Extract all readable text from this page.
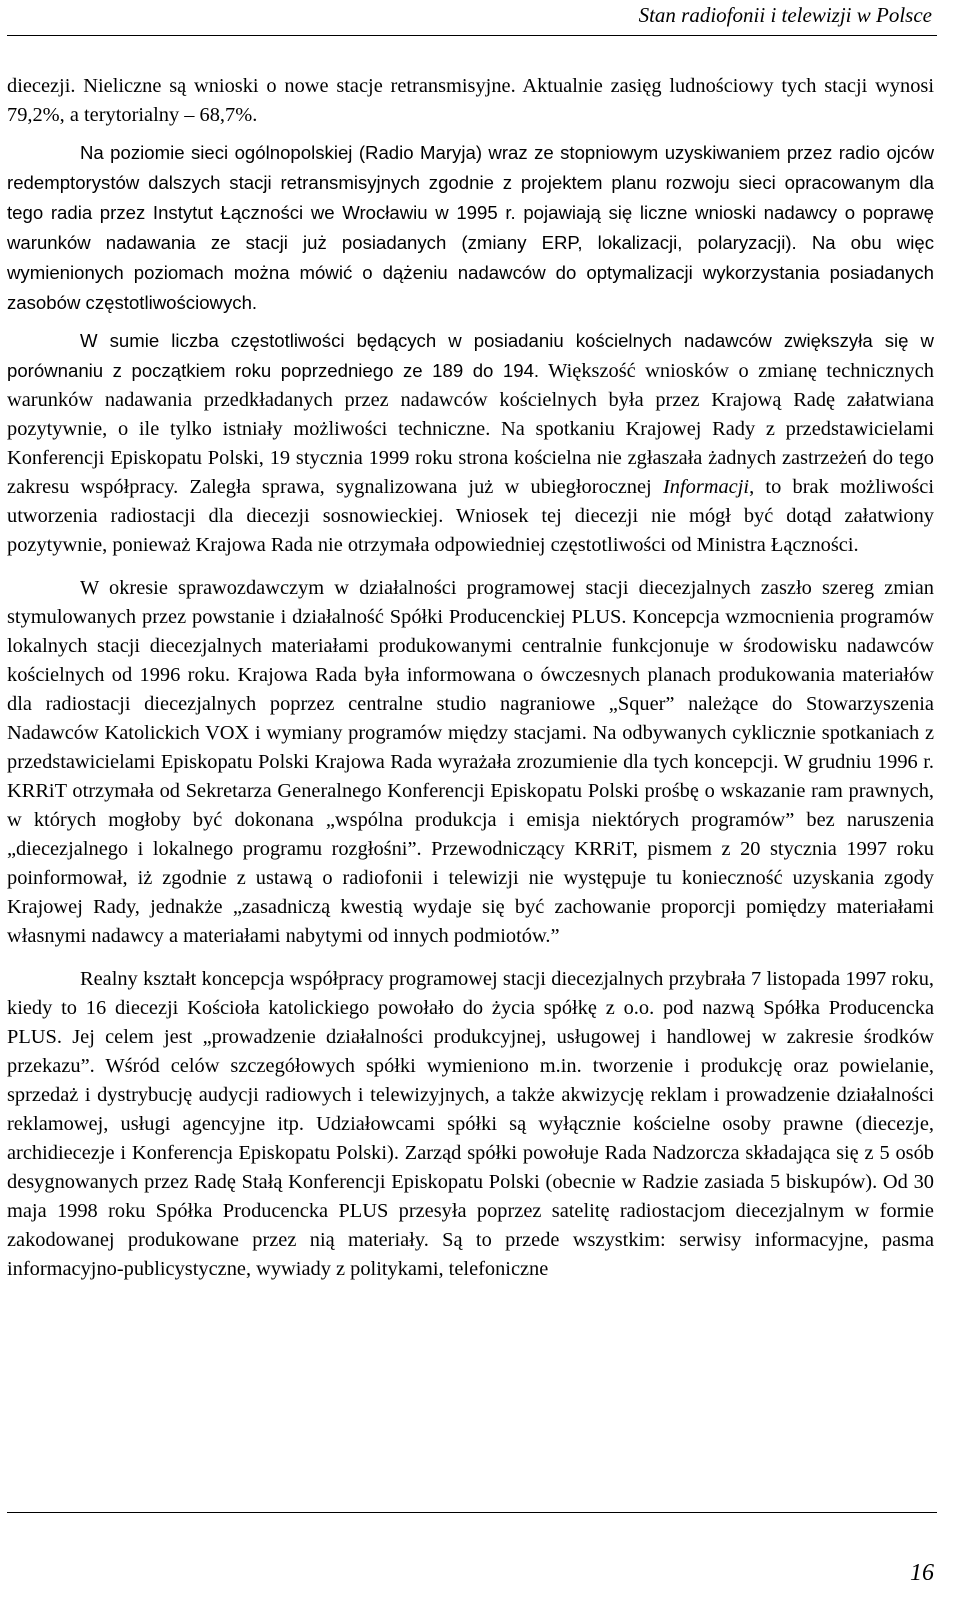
Stan radiofonii i telewizji w Polsce

diecezji. Nieliczne są wnioski o nowe stacje retransmisyjne. Aktualnie zasięg ludnościowy tych stacji wynosi 79,2%, a terytorialny – 68,7%.

Na poziomie sieci ogólnopolskiej (Radio Maryja) wraz ze stopniowym uzyskiwaniem przez radio ojców redemptorystów dalszych stacji retransmisyjnych zgodnie z projektem planu rozwoju sieci opracowanym dla tego radia przez Instytut Łączności we Wrocławiu w 1995 r. pojawiają się liczne wnioski nadawcy o poprawę warunków nadawania ze stacji już posiadanych (zmiany ERP, lokalizacji, polaryzacji). Na obu więc wymienionych poziomach można mówić o dążeniu nadawców do optymalizacji wykorzystania posiadanych zasobów częstotliwościowych.

W sumie liczba częstotliwości będących w posiadaniu kościelnych nadawców zwiększyła się w porównaniu z początkiem roku poprzedniego ze 189 do 194. Większość wniosków o zmianę technicznych warunków nadawania przedkładanych przez nadawców kościelnych była przez Krajową Radę załatwiana pozytywnie, o ile tylko istniały możliwości techniczne. Na spotkaniu Krajowej Rady z przedstawicielami Konferencji Episkopatu Polski, 19 stycznia 1999 roku strona kościelna nie zgłaszała żadnych zastrzeżeń do tego zakresu współpracy. Zaległa sprawa, sygnalizowana już w ubiegłorocznej Informacji, to brak możliwości utworzenia radiostacji dla diecezji sosnowieckiej. Wniosek tej diecezji nie mógł być dotąd załatwiony pozytywnie, ponieważ Krajowa Rada nie otrzymała odpowiedniej częstotliwości od Ministra Łączności.

W okresie sprawozdawczym w działalności programowej stacji diecezjalnych zaszło szereg zmian stymulowanych przez powstanie i działalność Spółki Producenckiej PLUS. Koncepcja wzmocnienia programów lokalnych stacji diecezjalnych materiałami produkowanymi centralnie funkcjonuje w środowisku nadawców kościelnych od 1996 roku. Krajowa Rada była informowana o ówczesnych planach produkowania materiałów dla radiostacji diecezjalnych poprzez centralne studio nagraniowe „Squer” należące do Stowarzyszenia Nadawców Katolickich VOX i wymiany programów między stacjami. Na odbywanych cyklicznie spotkaniach z przedstawicielami Episkopatu Polski Krajowa Rada wyrażała zrozumienie dla tych koncepcji. W grudniu 1996 r. KRRiT otrzymała od Sekretarza Generalnego Konferencji Episkopatu Polski prośbę o wskazanie ram prawnych, w których mogłoby być dokonana „wspólna produkcja i emisja niektórych programów” bez naruszenia „diecezjalnego i lokalnego programu rozgłośni”. Przewodniczący KRRiT, pismem z 20 stycznia 1997 roku poinformował, iż zgodnie z ustawą o radiofonii i telewizji nie występuje tu konieczność uzyskania zgody Krajowej Rady, jednakże „zasadniczą kwestią wydaje się być zachowanie proporcji pomiędzy materiałami własnymi nadawcy a materiałami nabytymi od innych podmiotów.”

Realny kształt koncepcja współpracy programowej stacji diecezjalnych przybrała 7 listopada 1997 roku, kiedy to 16 diecezji Kościoła katolickiego powołało do życia spółkę z o.o. pod nazwą Spółka Producencka PLUS. Jej celem jest „prowadzenie działalności produkcyjnej, usługowej i handlowej w zakresie środków przekazu”. Wśród celów szczegółowych spółki wymieniono m.in. tworzenie i produkcję oraz powielanie, sprzedaż i dystrybucję audycji radiowych i telewizyjnych, a także akwizycję reklam i prowadzenie działalności reklamowej, usługi agencyjne itp. Udziałowcami spółki są wyłącznie kościelne osoby prawne (diecezje, archidiecezje i Konferencja Episkopatu Polski). Zarząd spółki powołuje Rada Nadzorcza składająca się z 5 osób desygnowanych przez Radę Stałą Konferencji Episkopatu Polski (obecnie w Radzie zasiada 5 biskupów). Od 30 maja 1998 roku Spółka Producencka PLUS przesyła poprzez satelitę radiostacjom diecezjalnym w formie zakodowanej produkowane przez nią materiały. Są to przede wszystkim: serwisy informacyjne, pasma informacyjno-publicystyczne, wywiady z politykami, telefoniczne

16
